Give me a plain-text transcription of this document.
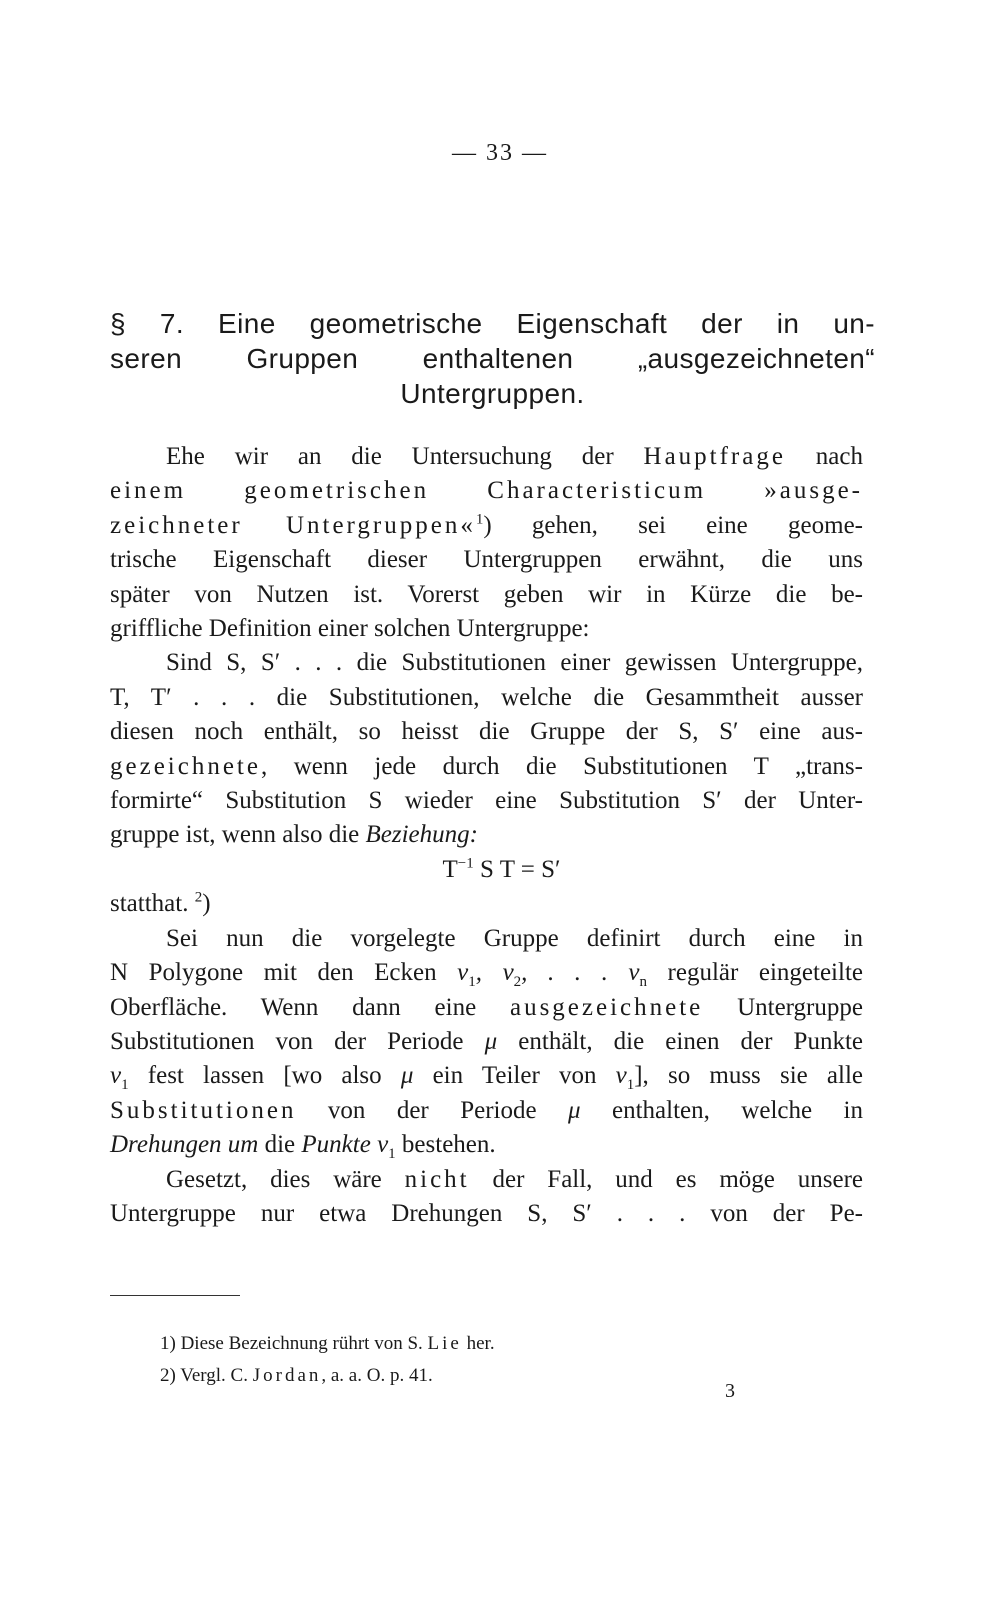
— 33 —
§ 7. Eine geometrische Eigenschaft der in un-
seren Gruppen enthaltenen „ausgezeichneten“
Untergruppen.
Ehe wir an die Untersuchung der Hauptfrage nach
einem geometrischen Characteristicum »ausge-
zeichneter Untergruppen«$^1$) gehen, sei eine geome-
trische Eigenschaft dieser Untergruppen erwähnt, die uns
später von Nutzen ist. Vorerst geben wir in Kürze die be-
griffliche Definition einer solchen Untergruppe:
Sind S, S′ . . . die Substitutionen einer gewissen Untergruppe,
T, T′ . . . die Substitutionen, welche die Gesammtheit ausser
diesen noch enthält, so heisst die Gruppe der S, S′ eine aus-
gezeichnete, wenn jede durch die Substitutionen T „trans-
formirte“ Substitution S wieder eine Substitution S′ der Unter-
gruppe ist, wenn also die Beziehung:
$T^{-1}$ S T = S′
statthat. $^2$)
Sei nun die vorgelegte Gruppe definirt durch eine in
N Polygone mit den Ecken $\nu_1$, $\nu_2$, . . . $\nu_n$ regulär eingeteilte
Oberfläche. Wenn dann eine ausgezeichnete Untergruppe
Substitutionen von der Periode μ enthält, die einen der Punkte
$\nu_1$ fest lassen [wo also μ ein Teiler von $\nu_1$], so muss sie alle
Substitutionen von der Periode μ enthalten, welche in
Drehungen um die Punkte $\nu_1$ bestehen.
Gesetzt, dies wäre nicht der Fall, und es möge unsere
Untergruppe nur etwa Drehungen S, S′ . . . von der Pe-
1) Diese Bezeichnung rührt von S. Lie her.
2) Vergl. C. Jordan, a. a. O. p. 41.
3
